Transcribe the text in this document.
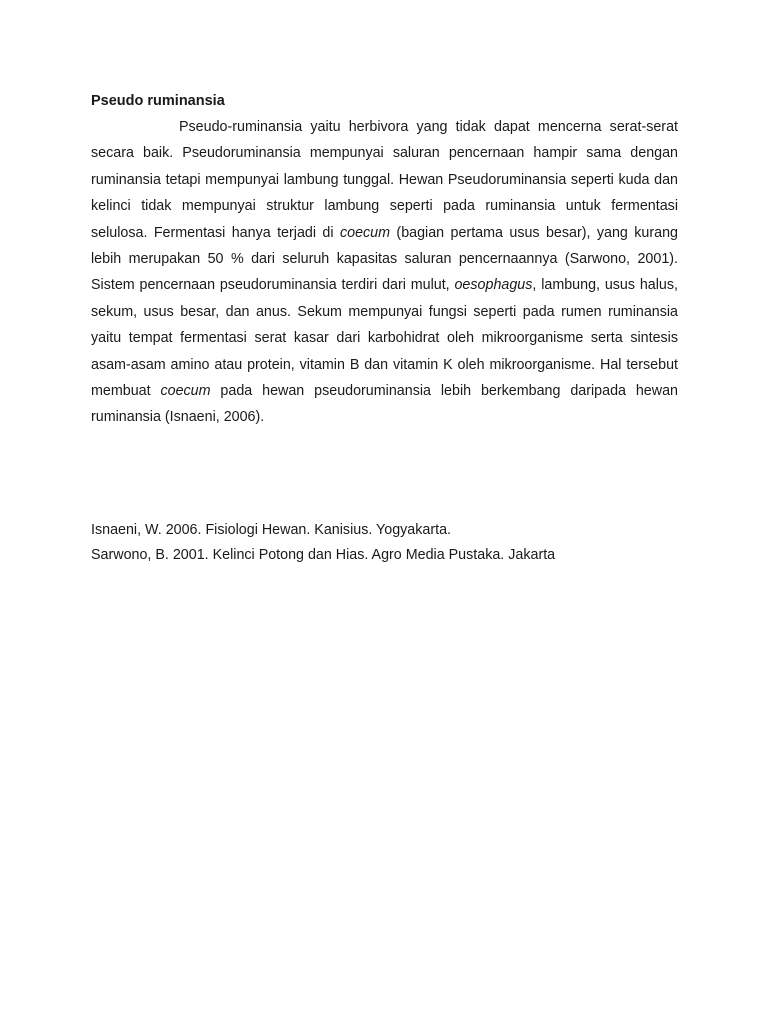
Pseudo ruminansia

Pseudo-ruminansia yaitu herbivora yang tidak dapat mencerna serat-serat secara baik. Pseudoruminansia mempunyai saluran pencernaan hampir sama dengan ruminansia tetapi mempunyai lambung tunggal. Hewan Pseudoruminansia seperti kuda dan kelinci tidak mempunyai struktur lambung seperti pada ruminansia untuk fermentasi selulosa. Fermentasi hanya terjadi di coecum (bagian pertama usus besar), yang kurang lebih merupakan 50 % dari seluruh kapasitas saluran pencernaannya (Sarwono, 2001). Sistem pencernaan pseudoruminansia terdiri dari mulut, oesophagus, lambung, usus halus, sekum, usus besar, dan anus. Sekum mempunyai fungsi seperti pada rumen ruminansia yaitu tempat fermentasi serat kasar dari karbohidrat oleh mikroorganisme serta sintesis asam-asam amino atau protein, vitamin B dan vitamin K oleh mikroorganisme. Hal tersebut membuat coecum pada hewan pseudoruminansia lebih berkembang daripada hewan ruminansia (Isnaeni, 2006).

Isnaeni, W. 2006. Fisiologi Hewan. Kanisius. Yogyakarta.

Sarwono, B. 2001. Kelinci Potong dan Hias. Agro Media Pustaka. Jakarta
